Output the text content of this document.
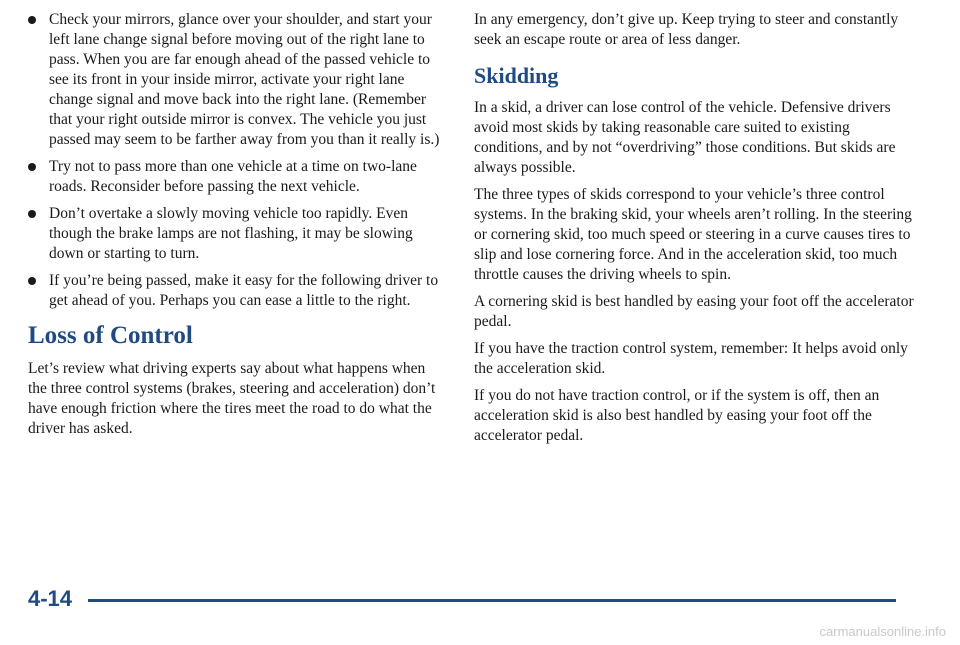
Check your mirrors, glance over your shoulder, and start your left lane change signal before moving out of the right lane to pass. When you are far enough ahead of the passed vehicle to see its front in your inside mirror, activate your right lane change signal and move back into the right lane. (Remember that your right outside mirror is convex. The vehicle you just passed may seem to be farther away from you than it really is.)
Try not to pass more than one vehicle at a time on two-lane roads. Reconsider before passing the next vehicle.
Don’t overtake a slowly moving vehicle too rapidly. Even though the brake lamps are not flashing, it may be slowing down or starting to turn.
If you’re being passed, make it easy for the following driver to get ahead of you. Perhaps you can ease a little to the right.
Loss of Control

Let’s review what driving experts say about what happens when the three control systems (brakes, steering and acceleration) don’t have enough friction where the tires meet the road to do what the driver has asked.

In any emergency, don’t give up. Keep trying to steer and constantly seek an escape route or area of less danger.

Skidding

In a skid, a driver can lose control of the vehicle. Defensive drivers avoid most skids by taking reasonable care suited to existing conditions, and by not “overdriving” those conditions. But skids are always possible.

The three types of skids correspond to your vehicle’s three control systems. In the braking skid, your wheels aren’t rolling. In the steering or cornering skid, too much speed or steering in a curve causes tires to slip and lose cornering force. And in the acceleration skid, too much throttle causes the driving wheels to spin.

A cornering skid is best handled by easing your foot off the accelerator pedal.

If you have the traction control system, remember: It helps avoid only the acceleration skid.

If you do not have traction control, or if the system is off, then an acceleration skid is also best handled by easing your foot off the accelerator pedal.

4-14
carmanualsonline.info
